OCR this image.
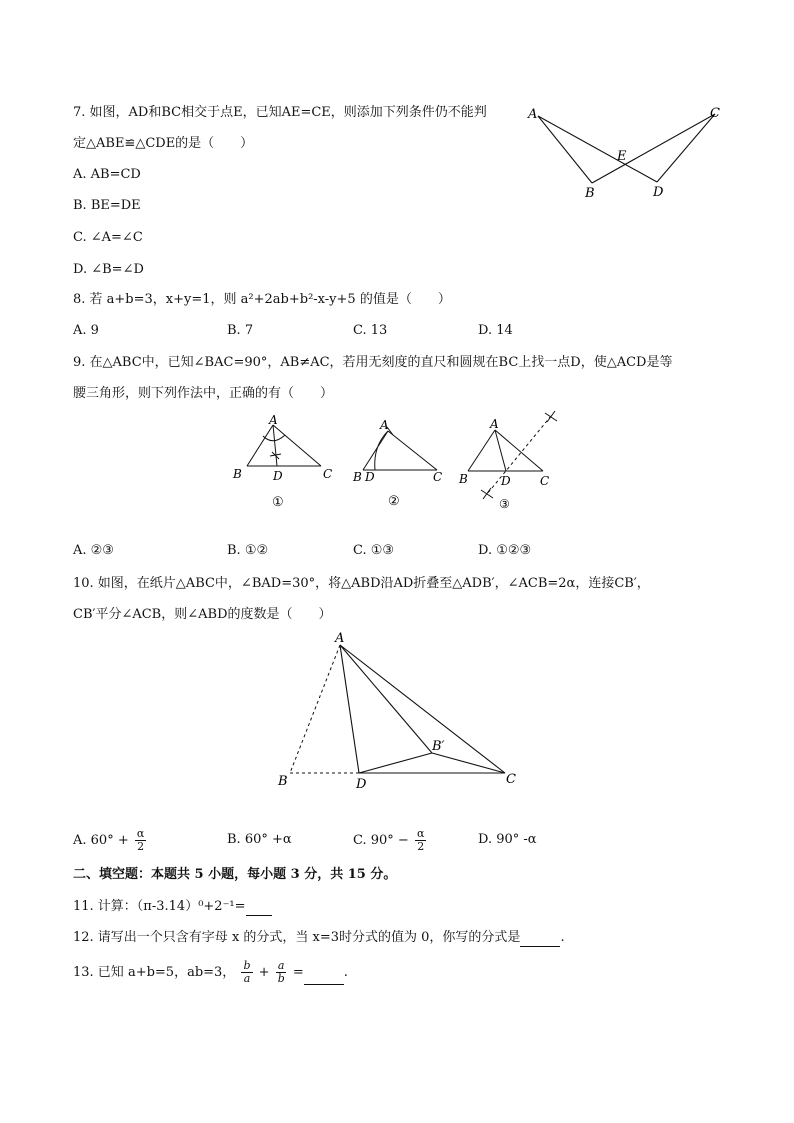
7. 如图，AD和BC相交于点E，已知AE=CE，则添加下列条件仍不能判
定△ABE≌△CDE的是（　　）
A. AB=CD
B. BE=DE
C. ∠A=∠C
D. ∠B=∠D
A	C
E
B	D
8. 若 a+b=3，x+y=1，则 a²+2ab+b²-x-y+5 的值是（　　）
A. 9	B. 7	C. 13	D. 14
9. 在△ABC中，已知∠BAC=90°，AB≠AC，若用无刻度的直尺和圆规在BC上找一点D，使△ACD是等
腰三角形，则下列作法中，正确的有（　　）
A
B	D	C
①
A
B D	C
②
A
B	D C
③
A. ②③	B. ①②	C. ①③	D. ①②③
10. 如图，在纸片△ABC中，∠BAD=30°，将△ABD沿AD折叠至△ADB′，∠ACB=2α，连接CB′，
CB′平分∠ACB，则∠ABD的度数是（　　）
A
B
B′
C
D
A. $60^\circ + \frac{\alpha}{2}$	B. 60° +α	C. $90^\circ - \frac{\alpha}{2}$	D. 90° -α
二、填空题：本题共 5 小题，每小题 3 分，共 15 分。
11. 计算：（π-3.14）⁰+2⁻¹=
12. 请写出一个只含有字母 x 的分式，当 x=3时分式的值为 0，你写的分式是	.
13. 已知 a+b=5，ab=3， $\frac{b}{a} + \frac{a}{b}$ =	.
